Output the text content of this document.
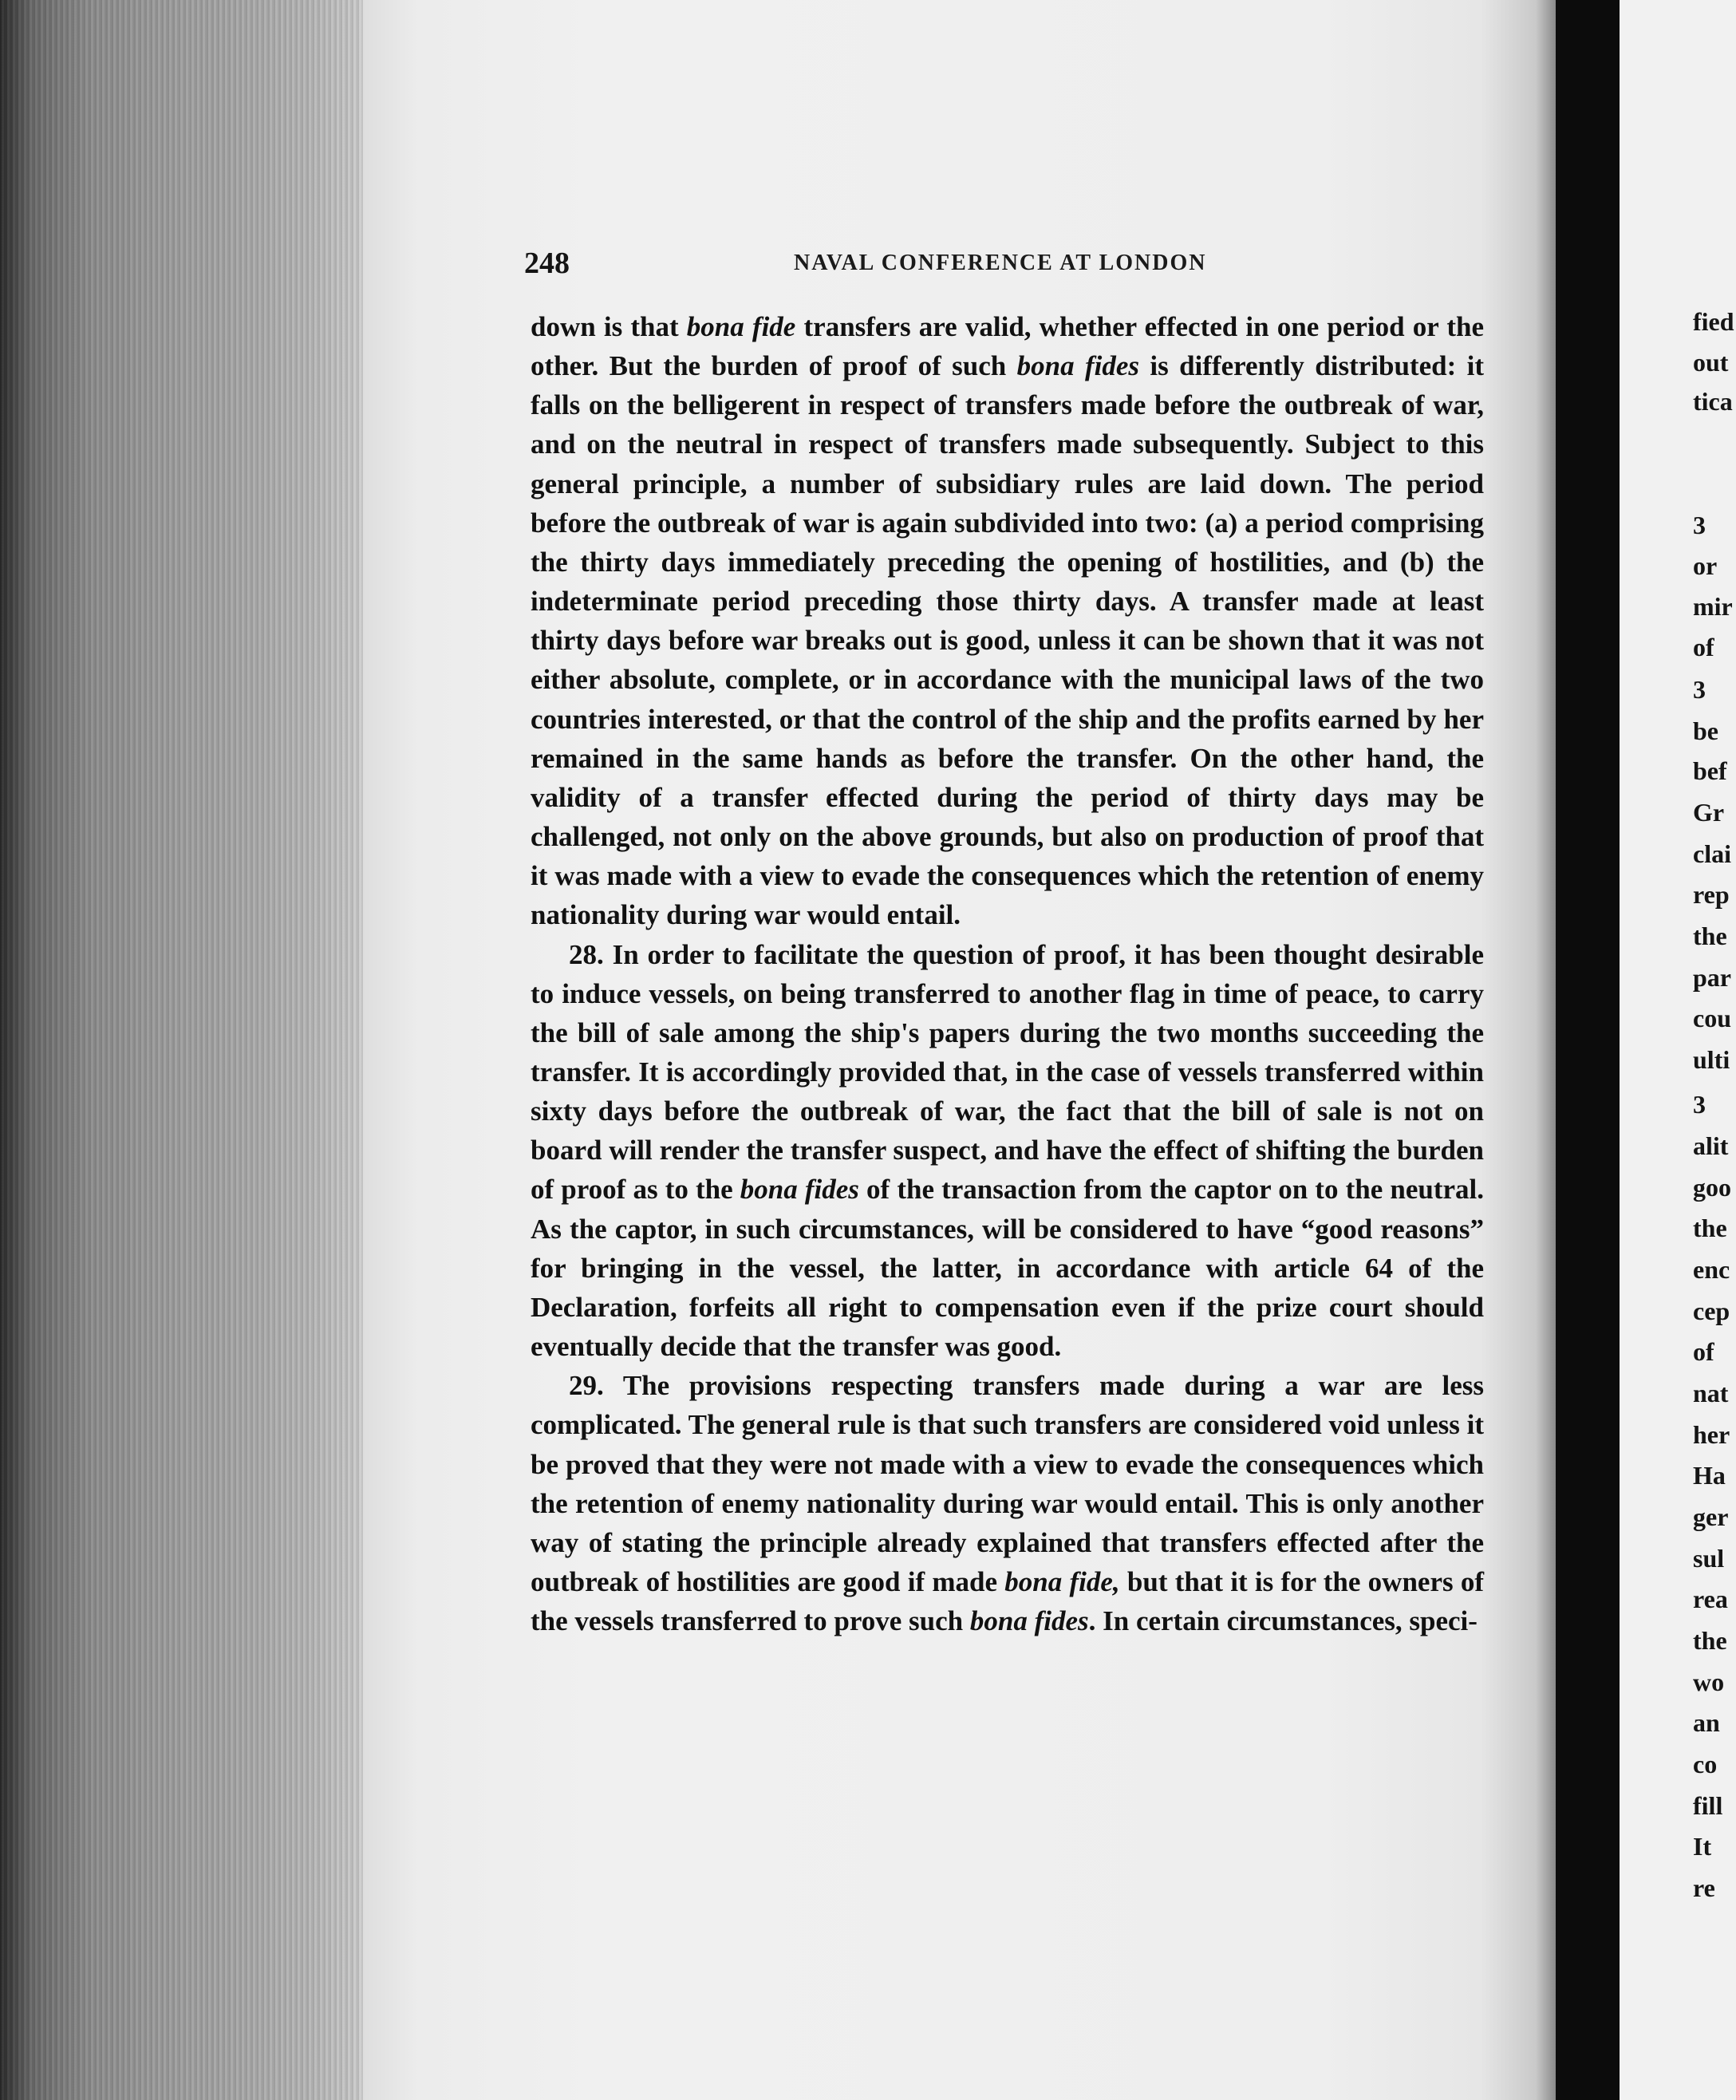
248	NAVAL CONFERENCE AT LONDON

down is that bona fide transfers are valid, whether effected in one period or the other. But the burden of proof of such bona fides is differently distributed: it falls on the belligerent in respect of transfers made before the outbreak of war, and on the neutral in respect of transfers made subsequently. Subject to this general principle, a number of subsidiary rules are laid down. The period before the outbreak of war is again subdivided into two: (a) a period comprising the thirty days immediately preceding the opening of hostilities, and (b) the indeterminate period preceding those thirty days. A transfer made at least thirty days before war breaks out is good, unless it can be shown that it was not either absolute, complete, or in accordance with the municipal laws of the two countries interested, or that the control of the ship and the profits earned by her remained in the same hands as before the transfer. On the other hand, the validity of a transfer effected during the period of thirty days may be challenged, not only on the above grounds, but also on production of proof that it was made with a view to evade the consequences which the retention of enemy nationality during war would entail.

28. In order to facilitate the question of proof, it has been thought desirable to induce vessels, on being transferred to another flag in time of peace, to carry the bill of sale among the ship's papers during the two months succeeding the transfer. It is accordingly provided that, in the case of vessels transferred within sixty days before the outbreak of war, the fact that the bill of sale is not on board will render the transfer suspect, and have the effect of shifting the burden of proof as to the bona fides of the transaction from the captor on to the neutral. As the captor, in such circumstances, will be considered to have “good reasons” for bringing in the vessel, the latter, in accordance with article 64 of the Declaration, forfeits all right to compensation even if the prize court should eventually decide that the transfer was good.

29. The provisions respecting transfers made during a war are less complicated. The general rule is that such transfers are considered void unless it be proved that they were not made with a view to evade the consequences which the retention of enemy nationality during war would entail. This is only another way of stating the principle already explained that transfers effected after the outbreak of hostilities are good if made bona fide, but that it is for the owners of the vessels transferred to prove such bona fides. In certain circumstances, speci-

fied
out
tica
3
or
mir
of
3
be
bef
Gr
clai
rep
the
par
cou
ulti
3
alit
goo
the
enc
cep
of
nat
her
Ha
ger
sul
rea
the
wo
an
co
fill
It
re
